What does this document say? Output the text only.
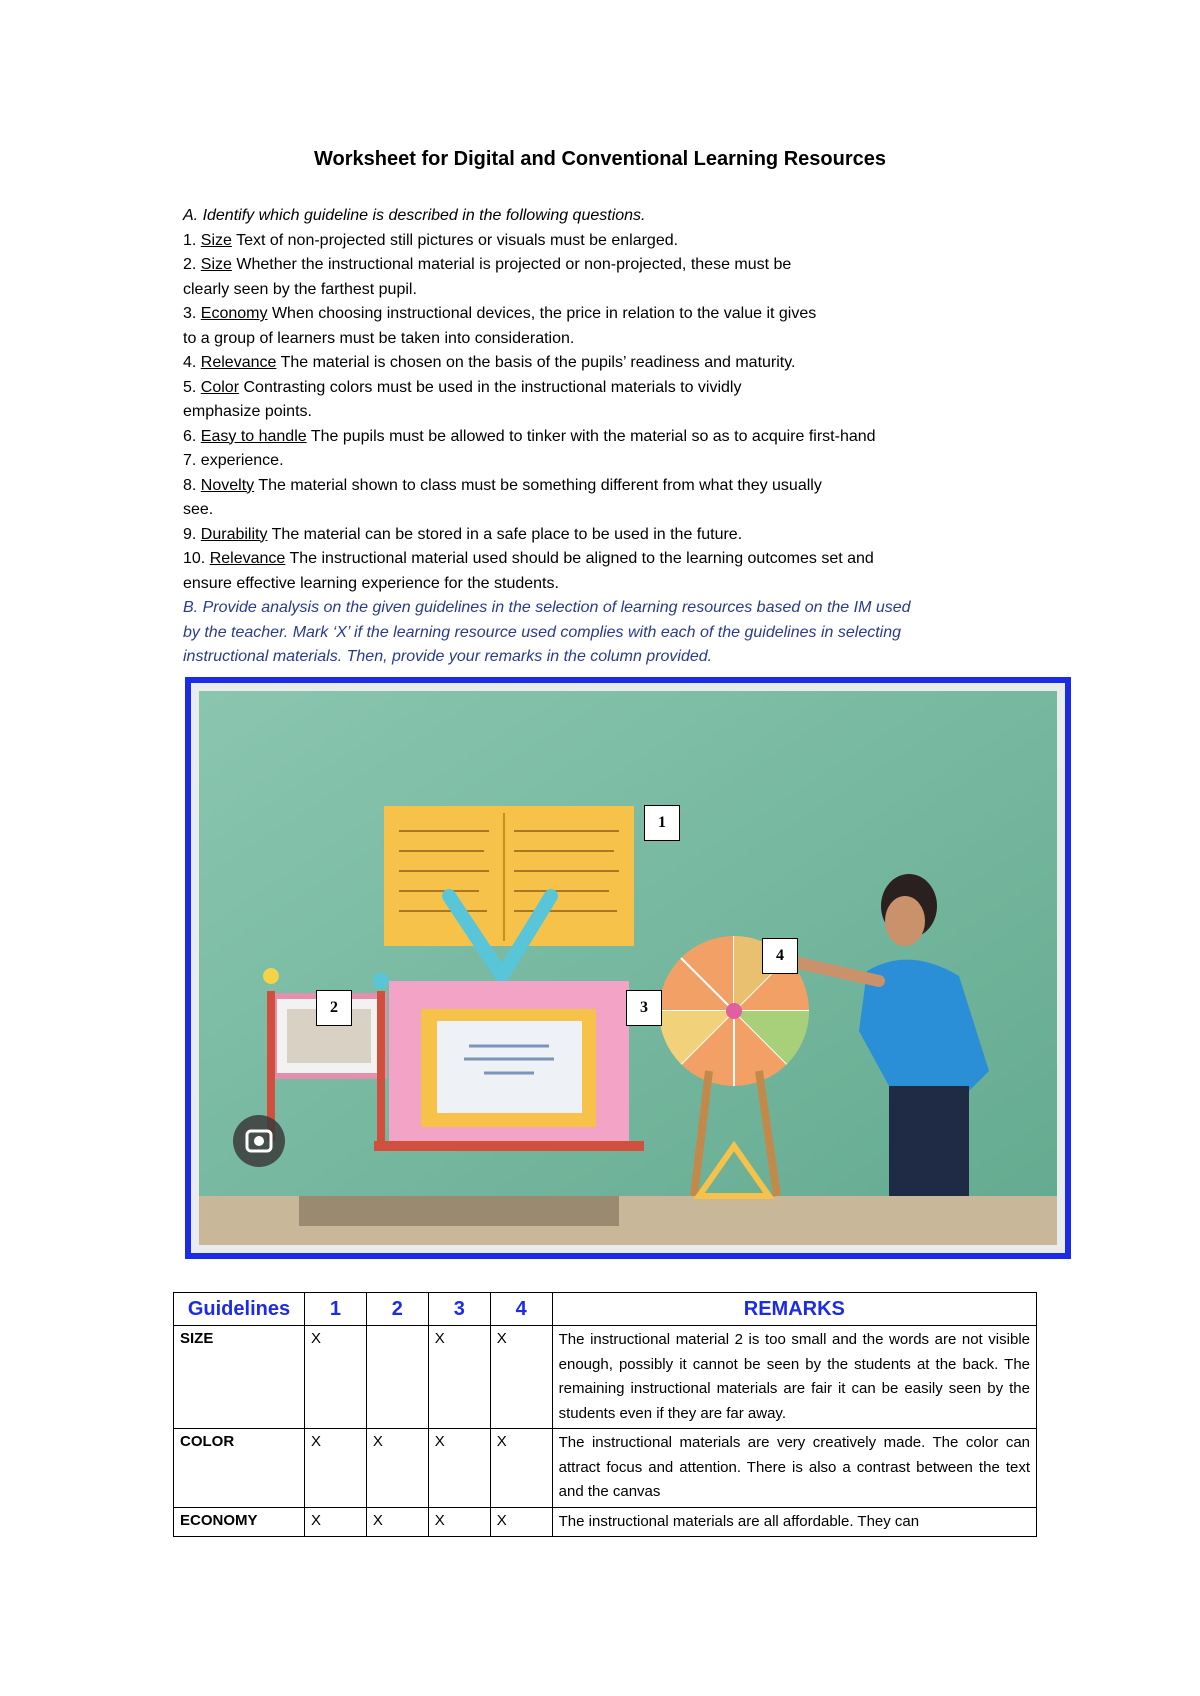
Worksheet for Digital and Conventional Learning Resources
A. Identify which guideline is described in the following questions.
1. Size Text of non-projected still pictures or visuals must be enlarged.
2. Size Whether the instructional material is projected or non-projected, these must be
clearly seen by the farthest pupil.
3. Economy When choosing instructional devices, the price in relation to the value it gives
to a group of learners must be taken into consideration.
4. Relevance The material is chosen on the basis of the pupils’ readiness and maturity.
5. Color Contrasting colors must be used in the instructional materials to vividly
emphasize points.
6. Easy to handle The pupils must be allowed to tinker with the material so as to acquire first-hand
7. experience.
8. Novelty The material shown to class must be something different from what they usually
see.
9. Durability The material can be stored in a safe place to be used in the future.
10. Relevance The instructional material used should be aligned to the learning outcomes set and
ensure effective learning experience for the students.
B. Provide analysis on the given guidelines in the selection of learning resources based on the IM used
by the teacher. Mark ‘X’ if the learning resource used complies with each of the guidelines in selecting
instructional materials. Then, provide your remarks in the column provided.
1
2	3
4
Guidelines	1	2	3	4	REMARKS
SIZE	X		X	X	The instructional material 2 is too small and the words are not visible enough, possibly it cannot be seen by the students at the back. The remaining instructional materials are fair it can be easily seen by the students even if they are far away.
COLOR	X	X	X	X	The instructional materials are very creatively made. The color can attract focus and attention. There is also a contrast between the text and the canvas
ECONOMY	X	X	X	X	The instructional materials are all affordable. They can
